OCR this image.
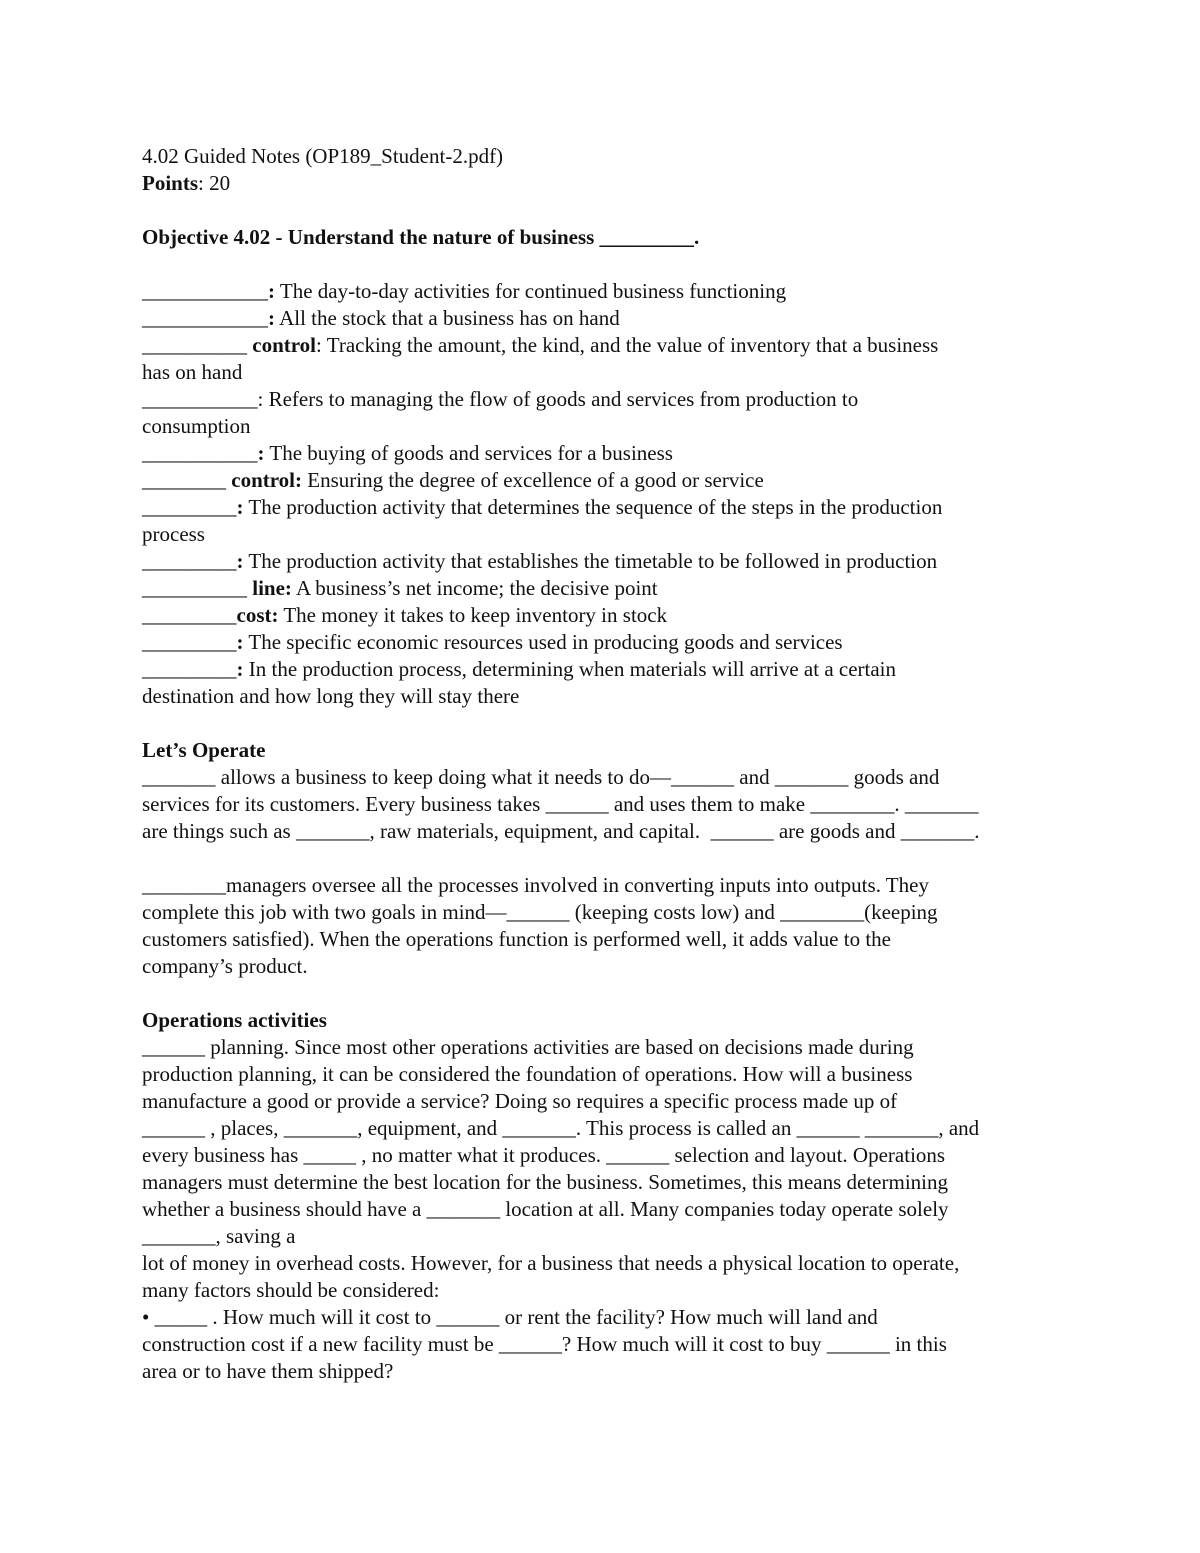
4.02 Guided Notes (OP189_Student-2.pdf)

Points: 20

Objective 4.02 - Understand the nature of business _________.

____________: The day-to-day activities for continued business functioning

____________: All the stock that a business has on hand

__________ control: Tracking the amount, the kind, and the value of inventory that a business

has on hand

___________: Refers to managing the flow of goods and services from production to

consumption

___________: The buying of goods and services for a business

________ control: Ensuring the degree of excellence of a good or service

_________: The production activity that determines the sequence of the steps in the production

process

_________: The production activity that establishes the timetable to be followed in production

__________ line: A business’s net income; the decisive point

_________cost: The money it takes to keep inventory in stock

_________: The specific economic resources used in producing goods and services

_________: In the production process, determining when materials will arrive at a certain

destination and how long they will stay there

Let’s Operate

_______ allows a business to keep doing what it needs to do—______ and _______ goods and

services for its customers. Every business takes ______ and uses them to make ________. _______

are things such as _______, raw materials, equipment, and capital.  ______ are goods and _______.

________managers oversee all the processes involved in converting inputs into outputs. They

complete this job with two goals in mind—______ (keeping costs low) and ________(keeping

customers satisfied). When the operations function is performed well, it adds value to the

company’s product.

Operations activities

______ planning. Since most other operations activities are based on decisions made during

production planning, it can be considered the foundation of operations. How will a business

manufacture a good or provide a service? Doing so requires a specific process made up of

______ , places, _______, equipment, and _______. This process is called an ______ _______, and

every business has _____ , no matter what it produces. ______ selection and layout. Operations

managers must determine the best location for the business. Sometimes, this means determining

whether a business should have a _______ location at all. Many companies today operate solely

_______, saving a

lot of money in overhead costs. However, for a business that needs a physical location to operate,

many factors should be considered:

• _____ . How much will it cost to ______ or rent the facility? How much will land and

construction cost if a new facility must be ______? How much will it cost to buy ______ in this

area or to have them shipped?
